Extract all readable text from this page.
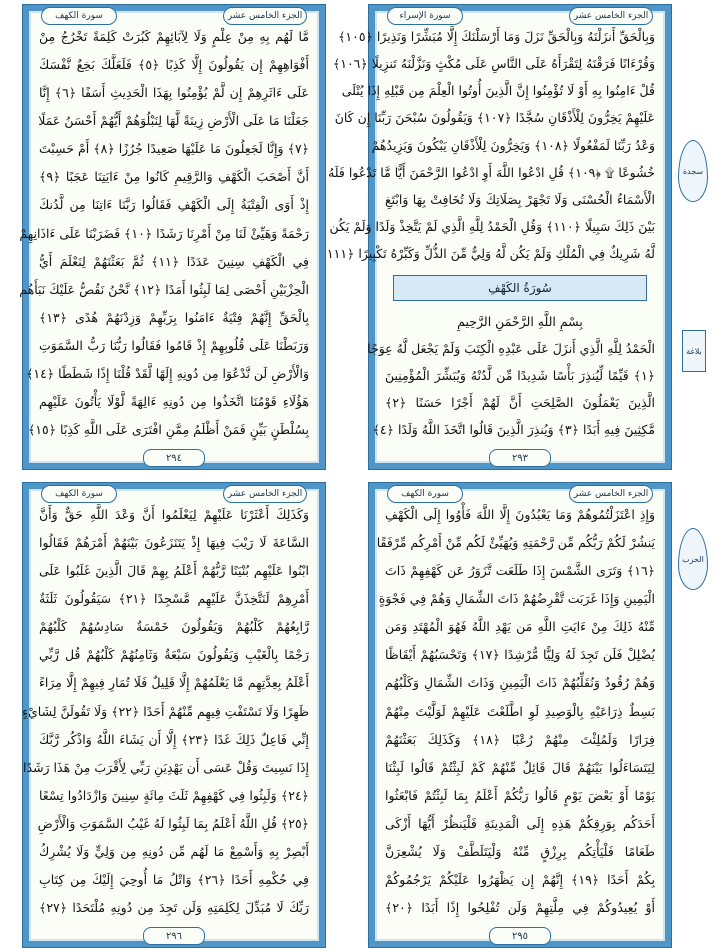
سورة الإسراء	الجزء الخامس عشر
وَبِالْحَقِّ أَنزَلْنَهُ وَبِالْحَقِّ نَزَلَ وَمَا أَرْسَلْنَكَ إِلَّا مُبَشِّرًا وَنَذِيرًا ﴿١٠٥﴾
وَقُرْءَانًا فَرَقْنَهُ لِتَقْرَأَهُ عَلَى النَّاسِ عَلَى مُكْثٍ وَنَزَّلْنَهُ تَنزِيلًا ﴿١٠٦﴾
قُلْ ءَامِنُوا بِهِ أَوْ لَا تُؤْمِنُوا إِنَّ الَّذِينَ أُوتُوا الْعِلْمَ مِن قَبْلِهِ إِذَا يُتْلَى
عَلَيْهِمْ يَخِرُّونَ لِلْأَذْقَانِ سُجَّدًا ﴿١٠٧﴾ وَيَقُولُونَ سُبْحَنَ رَبِّنَا إِن كَانَ
وَعْدُ رَبِّنَا لَمَفْعُولًا ﴿١٠٨﴾ وَيَخِرُّونَ لِلْأَذْقَانِ يَبْكُونَ وَيَزِيدُهُمْ
خُشُوعًا ۩ ﴿١٠٩﴾ قُلِ ادْعُوا اللَّهَ أَوِ ادْعُوا الرَّحْمَنَ أَيًّا مَّا تَدْعُوا فَلَهُ
الْأَسْمَاءُ الْحُسْنَى وَلَا تَجْهَرْ بِصَلَاتِكَ وَلَا تُخَافِتْ بِهَا وَابْتَغِ
بَيْنَ ذَلِكَ سَبِيلًا ﴿١١٠﴾ وَقُلِ الْحَمْدُ لِلَّهِ الَّذِي لَمْ يَتَّخِذْ وَلَدًا وَلَمْ يَكُن
لَّهُ شَرِيكٌ فِي الْمُلْكِ وَلَمْ يَكُن لَّهُ وَلِيٌّ مِّنَ الذُّلِّ وَكَبِّرْهُ تَكْبِيرًا ﴿١١١
سُورَةُ الكَهْفِ
بِسْمِ اللَّهِ الرَّحْمَنِ الرَّحِيمِ
الْحَمْدُ لِلَّهِ الَّذِي أَنزَلَ عَلَى عَبْدِهِ الْكِتَبَ وَلَمْ يَجْعَل لَّهُ عِوَجًا
﴿١﴾ قَيِّمًا لِّيُنذِرَ بَأْسًا شَدِيدًا مِّن لَّدُنْهُ وَيُبَشِّرَ الْمُؤْمِنِينَ
الَّذِينَ يَعْمَلُونَ الصَّلِحَتِ أَنَّ لَهُمْ أَجْرًا حَسَنًا ﴿٢﴾
مَّكِثِينَ فِيهِ أَبَدًا ﴿٣﴾ وَيُنذِرَ الَّذِينَ قَالُوا اتَّخَذَ اللَّهُ وَلَدًا ﴿٤﴾
٢٩٣
سورة الكهف	الجزء الخامس عشر
مَّا لَهُم بِهِ مِنْ عِلْمٍ وَلَا لِآبَائِهِمْ كَبُرَتْ كَلِمَةً تَخْرُجُ مِنْ
أَفْوَاهِهِمْ إِن يَقُولُونَ إِلَّا كَذِبًا ﴿٥﴾ فَلَعَلَّكَ بَخِعٌ نَّفْسَكَ
عَلَى ءَاثَرِهِمْ إِن لَّمْ يُؤْمِنُوا بِهَذَا الْحَدِيثِ أَسَفًا ﴿٦﴾ إِنَّا
جَعَلْنَا مَا عَلَى الْأَرْضِ زِينَةً لَّهَا لِنَبْلُوَهُمْ أَيُّهُمْ أَحْسَنُ عَمَلًا
﴿٧﴾ وَإِنَّا لَجَعِلُونَ مَا عَلَيْهَا صَعِيدًا جُرُزًا ﴿٨﴾ أَمْ حَسِبْتَ
أَنَّ أَصْحَبَ الْكَهْفِ وَالرَّقِيمِ كَانُوا مِنْ ءَايَتِنَا عَجَبًا ﴿٩﴾
إِذْ أَوَى الْفِتْيَةُ إِلَى الْكَهْفِ فَقَالُوا رَبَّنَا ءَاتِنَا مِن لَّدُنكَ
رَحْمَةً وَهَيِّئْ لَنَا مِنْ أَمْرِنَا رَشَدًا ﴿١٠﴾ فَضَرَبْنَا عَلَى ءَاذَانِهِمْ
فِي الْكَهْفِ سِنِينَ عَدَدًا ﴿١١﴾ ثُمَّ بَعَثْنَهُمْ لِنَعْلَمَ أَيُّ
الْحِزْبَيْنِ أَحْصَى لِمَا لَبِثُوا أَمَدًا ﴿١٢﴾ نَّحْنُ نَقُصُّ عَلَيْكَ نَبَأَهُم
بِالْحَقِّ إِنَّهُمْ فِتْيَةٌ ءَامَنُوا بِرَبِّهِمْ وَزِدْنَهُمْ هُدًى ﴿١٣﴾
وَرَبَطْنَا عَلَى قُلُوبِهِمْ إِذْ قَامُوا فَقَالُوا رَبُّنَا رَبُّ السَّمَوَتِ
وَالْأَرْضِ لَن نَّدْعُوَا مِن دُونِهِ إِلَهًا لَّقَدْ قُلْنَا إِذًا شَطَطًا ﴿١٤﴾
هَؤُلَاءِ قَوْمُنَا اتَّخَذُوا مِن دُونِهِ ءَالِهَةً لَّوْلَا يَأْتُونَ عَلَيْهِم
بِسُلْطَنٍ بَيِّنٍ فَمَنْ أَظْلَمُ مِمَّنِ افْتَرَى عَلَى اللَّهِ كَذِبًا ﴿١٥﴾
٢٩٤
سورة الكهف	الجزء الخامس عشر
وَإِذِ اعْتَزَلْتُمُوهُمْ وَمَا يَعْبُدُونَ إِلَّا اللَّهَ فَأْوُوا إِلَى الْكَهْفِ
يَنشُرْ لَكُمْ رَبُّكُم مِّن رَّحْمَتِهِ وَيُهَيِّئْ لَكُم مِّنْ أَمْرِكُم مِّرْفَقًا
﴿١٦﴾ وَتَرَى الشَّمْسَ إِذَا طَلَعَت تَّزَوَرُ عَن كَهْفِهِمْ ذَاتَ
الْيَمِينِ وَإِذَا غَرَبَت تَّقْرِضُهُمْ ذَاتَ الشِّمَالِ وَهُمْ فِي فَجْوَةٍ
مِّنْهُ ذَلِكَ مِنْ ءَايَتِ اللَّهِ مَن يَهْدِ اللَّهُ فَهُوَ الْمُهْتَدِ وَمَن
يُضْلِلْ فَلَن تَجِدَ لَهُ وَلِيًّا مُّرْشِدًا ﴿١٧﴾ وَتَحْسَبُهُمْ أَيْقَاظًا
وَهُمْ رُقُودٌ وَنُقَلِّبُهُمْ ذَاتَ الْيَمِينِ وَذَاتَ الشِّمَالِ وَكَلْبُهُم
بَسِطٌ ذِرَاعَيْهِ بِالْوَصِيدِ لَوِ اطَّلَعْتَ عَلَيْهِمْ لَوَلَّيْتَ مِنْهُمْ
فِرَارًا وَلَمُلِئْتَ مِنْهُمْ رُعْبًا ﴿١٨﴾ وَكَذَلِكَ بَعَثْنَهُمْ
لِيَتَسَاءَلُوا بَيْنَهُمْ قَالَ قَائِلٌ مِّنْهُمْ كَمْ لَبِثْتُمْ قَالُوا لَبِثْنَا
يَوْمًا أَوْ بَعْضَ يَوْمٍ قَالُوا رَبُّكُمْ أَعْلَمُ بِمَا لَبِثْتُمْ فَابْعَثُوا
أَحَدَكُم بِوَرِقِكُمْ هَذِهِ إِلَى الْمَدِينَةِ فَلْيَنظُرْ أَيُّهَا أَزْكَى
طَعَامًا فَلْيَأْتِكُم بِرِزْقٍ مِّنْهُ وَلْيَتَلَطَّفْ وَلَا يُشْعِرَنَّ
بِكُمْ أَحَدًا ﴿١٩﴾ إِنَّهُمْ إِن يَظْهَرُوا عَلَيْكُمْ يَرْجُمُوكُمْ
أَوْ يُعِيدُوكُمْ فِي مِلَّتِهِمْ وَلَن تُفْلِحُوا إِذًا أَبَدًا ﴿٢٠﴾
٢٩٥
سورة الكهف	الجزء الخامس عشر
وَكَذَلِكَ أَعْثَرْنَا عَلَيْهِمْ لِيَعْلَمُوا أَنَّ وَعْدَ اللَّهِ حَقٌّ وَأَنَّ
السَّاعَةَ لَا رَيْبَ فِيهَا إِذْ يَتَنَزَعُونَ بَيْنَهُمْ أَمْرَهُمْ فَقَالُوا
ابْنُوا عَلَيْهِم بُنْيَنًا رَّبُّهُمْ أَعْلَمُ بِهِمْ قَالَ الَّذِينَ غَلَبُوا عَلَى
أَمْرِهِمْ لَنَتَّخِذَنَّ عَلَيْهِم مَّسْجِدًا ﴿٢١﴾ سَيَقُولُونَ ثَلَثَةٌ
رَّابِعُهُمْ كَلْبُهُمْ وَيَقُولُونَ خَمْسَةٌ سَادِسُهُمْ كَلْبُهُمْ
رَجْمًا بِالْغَيْبِ وَيَقُولُونَ سَبْعَةٌ وَثَامِنُهُمْ كَلْبُهُمْ قُل رَّبِّي
أَعْلَمُ بِعِدَّتِهِم مَّا يَعْلَمُهُمْ إِلَّا قَلِيلٌ فَلَا تُمَارِ فِيهِمْ إِلَّا مِرَاءً
ظَهِرًا وَلَا تَسْتَفْتِ فِيهِم مِّنْهُمْ أَحَدًا ﴿٢٢﴾ وَلَا تَقُولَنَّ لِشَايْءٍ
إِنِّي فَاعِلٌ ذَلِكَ غَدًا ﴿٢٣﴾ إِلَّا أَن يَشَاءَ اللَّهُ وَاذْكُر رَّبَّكَ
إِذَا نَسِيتَ وَقُلْ عَسَى أَن يَهْدِيَنِ رَبِّي لِأَقْرَبَ مِنْ هَذَا رَشَدًا
﴿٢٤﴾ وَلَبِثُوا فِي كَهْفِهِمْ ثَلَثَ مِائَةٍ سِنِينَ وَازْدَادُوا تِسْعًا
﴿٢٥﴾ قُلِ اللَّهُ أَعْلَمُ بِمَا لَبِثُوا لَهُ غَيْبُ السَّمَوَتِ وَالْأَرْضِ
أَبْصِرْ بِهِ وَأَسْمِعْ مَا لَهُم مِّن دُونِهِ مِن وَلِيٍّ وَلَا يُشْرِكُ
فِي حُكْمِهِ أَحَدًا ﴿٢٦﴾ وَاتْلُ مَا أُوحِيَ إِلَيْكَ مِن كِتَابِ
رَبِّكَ لَا مُبَدِّلَ لِكَلِمَتِهِ وَلَن تَجِدَ مِن دُونِهِ مُلْتَحَدًا ﴿٢٧﴾
٢٩٦
سجدة
بلاغة
الحزب
